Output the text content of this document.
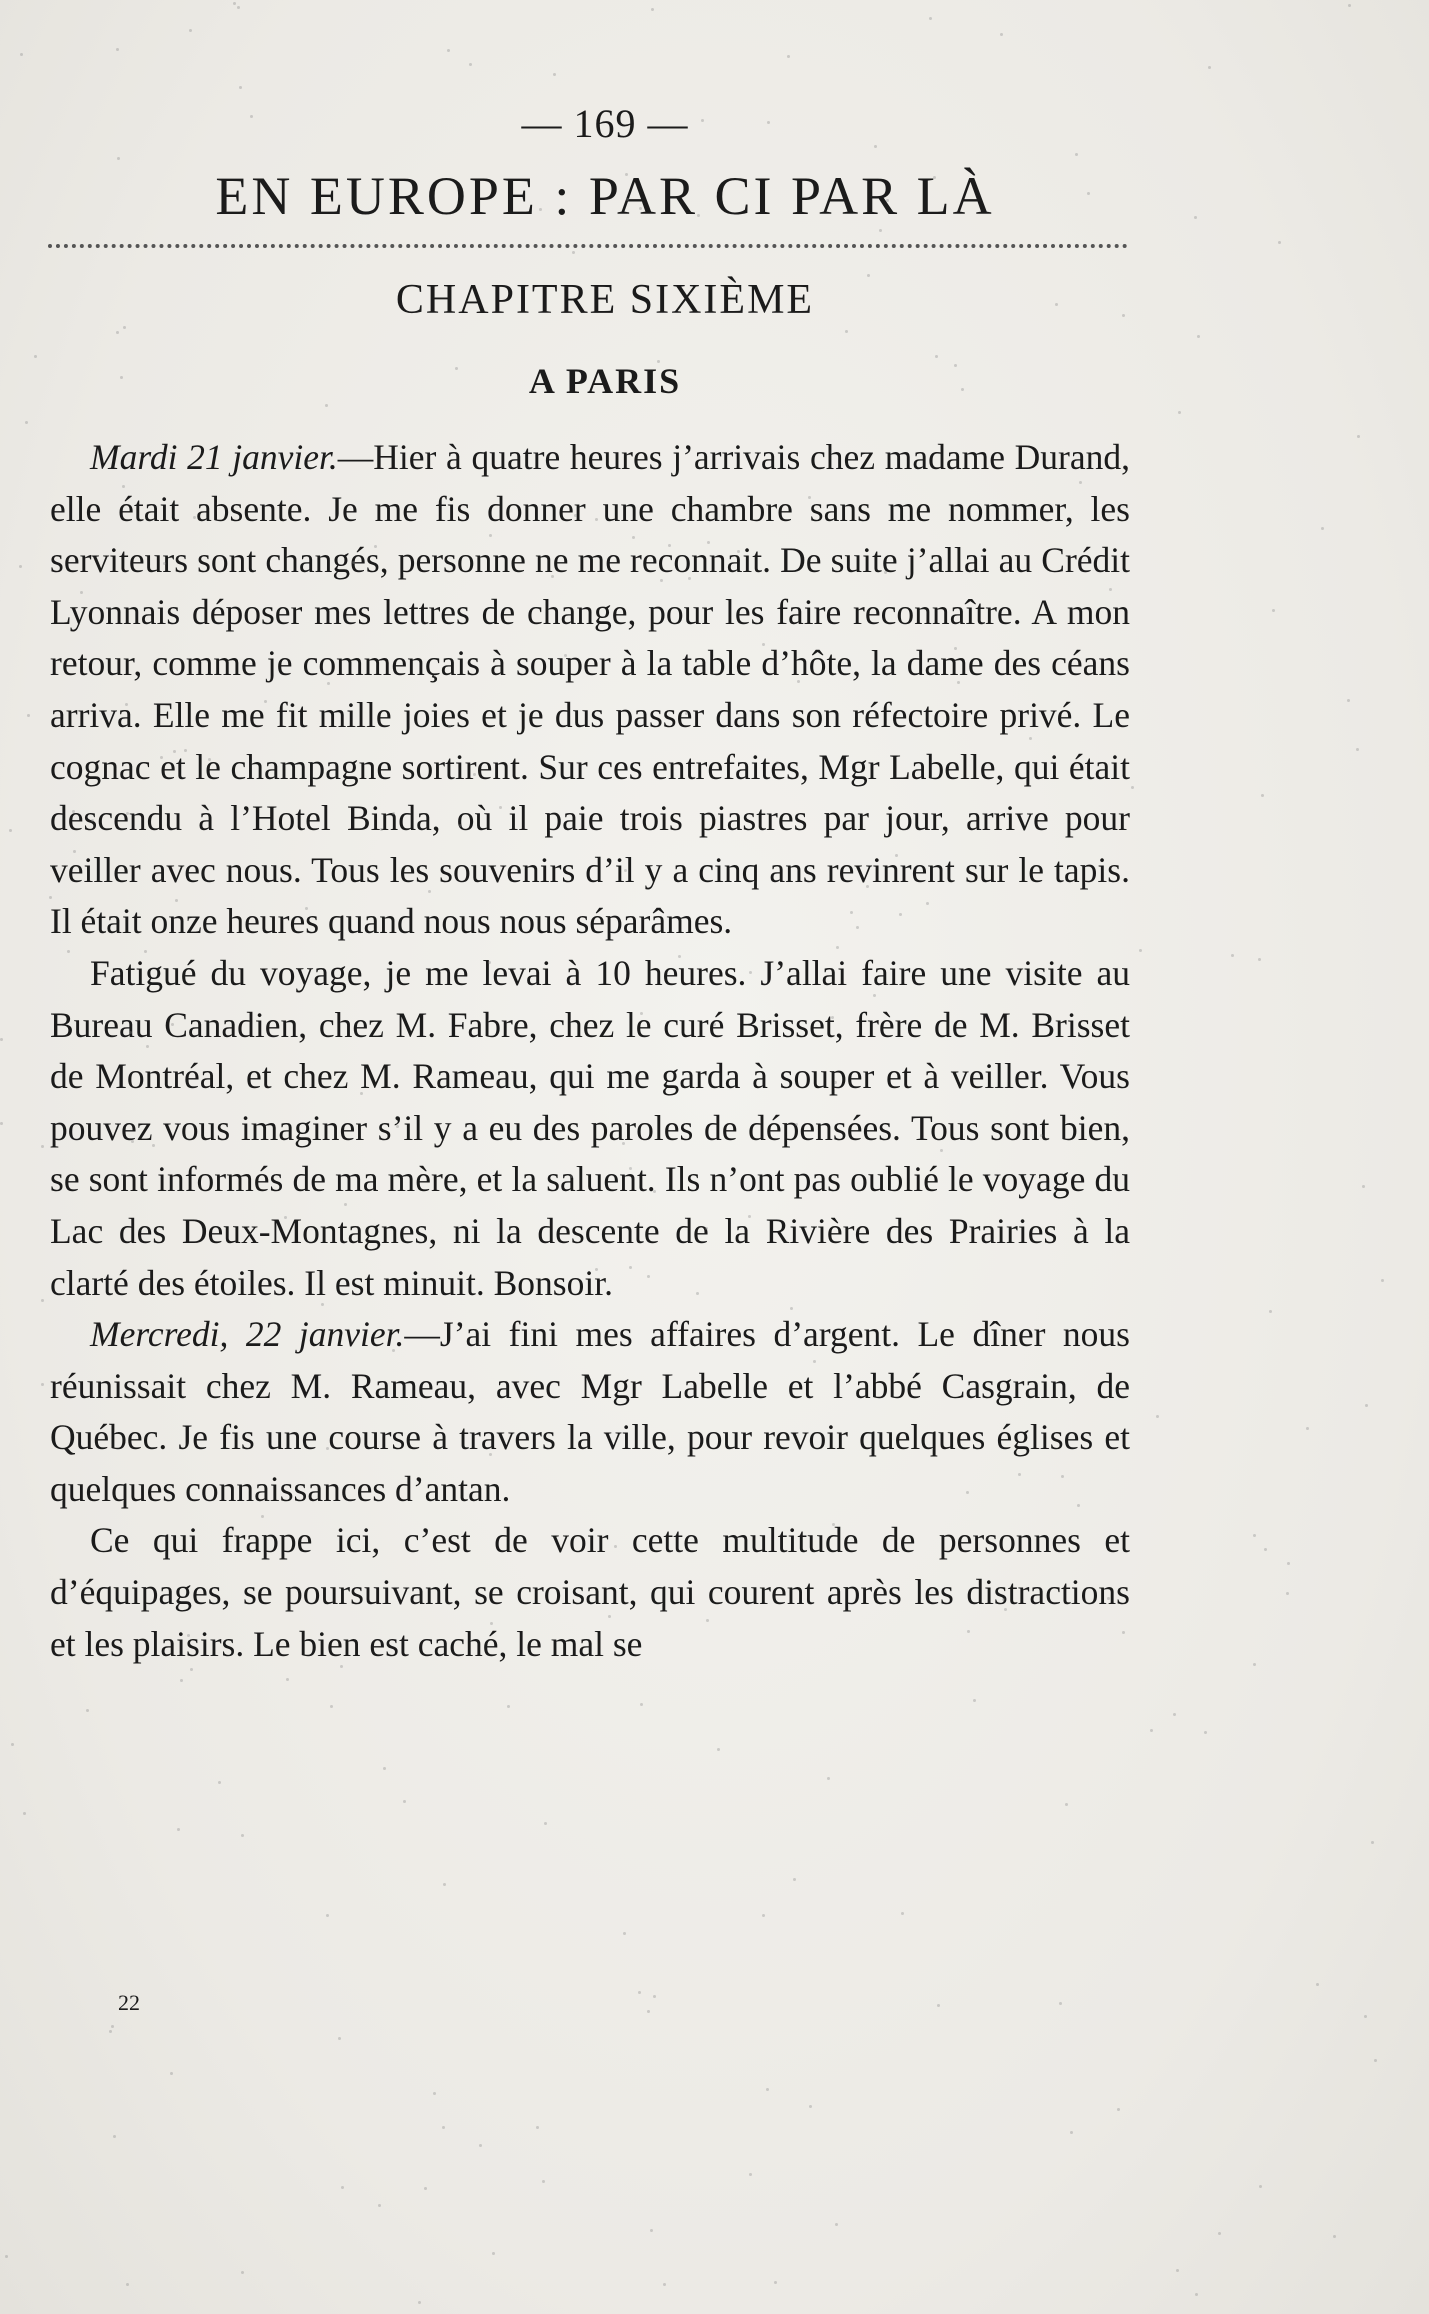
— 169 —
EN EUROPE : PAR CI PAR LÀ
CHAPITRE SIXIÈME
A PARIS

Mardi 21 janvier.—Hier à quatre heures j’arrivais chez madame Durand, elle était absente. Je me fis donner une chambre sans me nommer, les serviteurs sont changés, personne ne me reconnait. De suite j’allai au Crédit Lyonnais déposer mes lettres de change, pour les faire reconnaître. A mon retour, comme je commençais à souper à la table d’hôte, la dame des céans arriva. Elle me fit mille joies et je dus passer dans son réfectoire privé. Le cognac et le champagne sortirent. Sur ces entrefaites, Mgr Labelle, qui était descendu à l’Hotel Binda, où il paie trois piastres par jour, arrive pour veiller avec nous. Tous les souvenirs d’il y a cinq ans revinrent sur le tapis. Il était onze heures quand nous nous séparâmes.

Fatigué du voyage, je me levai à 10 heures. J’allai faire une visite au Bureau Canadien, chez M. Fabre, chez le curé Brisset, frère de M. Brisset de Montréal, et chez M. Rameau, qui me garda à souper et à veiller. Vous pouvez vous imaginer s’il y a eu des paroles de dépensées. Tous sont bien, se sont informés de ma mère, et la saluent. Ils n’ont pas oublié le voyage du Lac des Deux-Montagnes, ni la descente de la Rivière des Prairies à la clarté des étoiles. Il est minuit. Bonsoir.

Mercredi, 22 janvier.—J’ai fini mes affaires d’argent. Le dîner nous réunissait chez M. Rameau, avec Mgr Labelle et l’abbé Casgrain, de Québec. Je fis une course à travers la ville, pour revoir quelques églises et quelques connaissances d’antan.

Ce qui frappe ici, c’est de voir cette multitude de personnes et d’équipages, se poursuivant, se croisant, qui courent après les distractions et les plaisirs. Le bien est caché, le mal se

22
